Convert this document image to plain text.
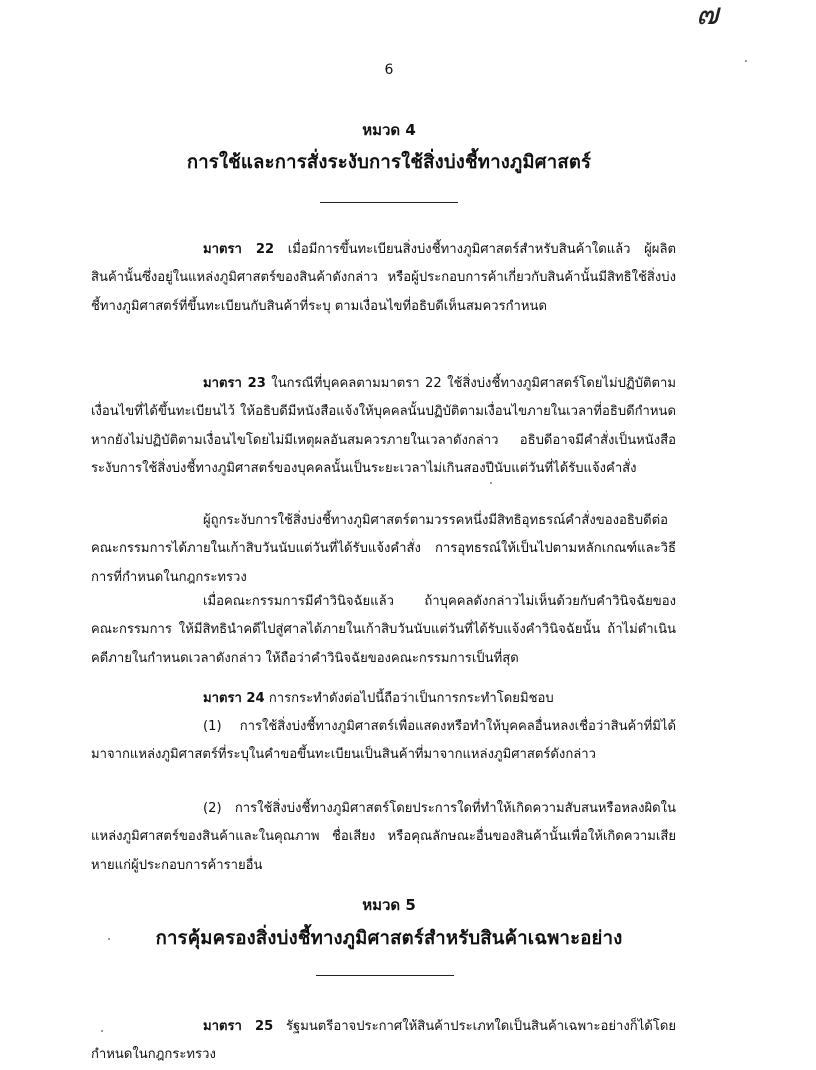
๗
6
หมวด 4
การใช้และการสั่งระงับการใช้สิ่งบ่งชี้ทางภูมิศาสตร์

มาตรา 22 เมื่อมีการขึ้นทะเบียนสิ่งบ่งชี้ทางภูมิศาสตร์สำหรับสินค้าใดแล้ว ผู้ผลิตสินค้านั้นซึ่งอยู่ในแหล่งภูมิศาสตร์ของสินค้าดังกล่าว หรือผู้ประกอบการค้าเกี่ยวกับสินค้านั้นมีสิทธิใช้สิ่งบ่งชี้ทางภูมิศาสตร์ที่ขึ้นทะเบียนกับสินค้าที่ระบุ ตามเงื่อนไขที่อธิบดีเห็นสมควรกำหนด

มาตรา 23 ในกรณีที่บุคคลตามมาตรา 22 ใช้สิ่งบ่งชี้ทางภูมิศาสตร์โดยไม่ปฏิบัติตามเงื่อนไขที่ได้ขึ้นทะเบียนไว้ ให้อธิบดีมีหนังสือแจ้งให้บุคคลนั้นปฏิบัติตามเงื่อนไขภายในเวลาที่อธิบดีกำหนด หากยังไม่ปฏิบัติตามเงื่อนไขโดยไม่มีเหตุผลอันสมควรภายในเวลาดังกล่าว อธิบดีอาจมีคำสั่งเป็นหนังสือระงับการใช้สิ่งบ่งชี้ทางภูมิศาสตร์ของบุคคลนั้นเป็นระยะเวลาไม่เกินสองปีนับแต่วันที่ได้รับแจ้งคำสั่ง

ผู้ถูกระงับการใช้สิ่งบ่งชี้ทางภูมิศาสตร์ตามวรรคหนึ่งมีสิทธิอุทธรณ์คำสั่งของอธิบดีต่อคณะกรรมการได้ภายในเก้าสิบวันนับแต่วันที่ได้รับแจ้งคำสั่ง การอุทธรณ์ให้เป็นไปตามหลักเกณฑ์และวิธีการที่กำหนดในกฎกระทรวง

เมื่อคณะกรรมการมีคำวินิจฉัยแล้ว ถ้าบุคคลดังกล่าวไม่เห็นด้วยกับคำวินิจฉัยของคณะกรรมการ ให้มีสิทธินำคดีไปสู่ศาลได้ภายในเก้าสิบวันนับแต่วันที่ได้รับแจ้งคำวินิจฉัยนั้น ถ้าไม่ดำเนินคดีภายในกำหนดเวลาดังกล่าว ให้ถือว่าคำวินิจฉัยของคณะกรรมการเป็นที่สุด

มาตรา 24 การกระทำดังต่อไปนี้ถือว่าเป็นการกระทำโดยมิชอบ

(1) การใช้สิ่งบ่งชี้ทางภูมิศาสตร์เพื่อแสดงหรือทำให้บุคคลอื่นหลงเชื่อว่าสินค้าที่มิได้มาจากแหล่งภูมิศาสตร์ที่ระบุในคำขอขึ้นทะเบียนเป็นสินค้าที่มาจากแหล่งภูมิศาสตร์ดังกล่าว

(2) การใช้สิ่งบ่งชี้ทางภูมิศาสตร์โดยประการใดที่ทำให้เกิดความสับสนหรือหลงผิดในแหล่งภูมิศาสตร์ของสินค้าและในคุณภาพ ชื่อเสียง หรือคุณลักษณะอื่นของสินค้านั้นเพื่อให้เกิดความเสียหายแก่ผู้ประกอบการค้ารายอื่น

หมวด 5
การคุ้มครองสิ่งบ่งชี้ทางภูมิศาสตร์สำหรับสินค้าเฉพาะอย่าง

มาตรา 25 รัฐมนตรีอาจประกาศให้สินค้าประเภทใดเป็นสินค้าเฉพาะอย่างก็ได้โดยกำหนดในกฎกระทรวง
